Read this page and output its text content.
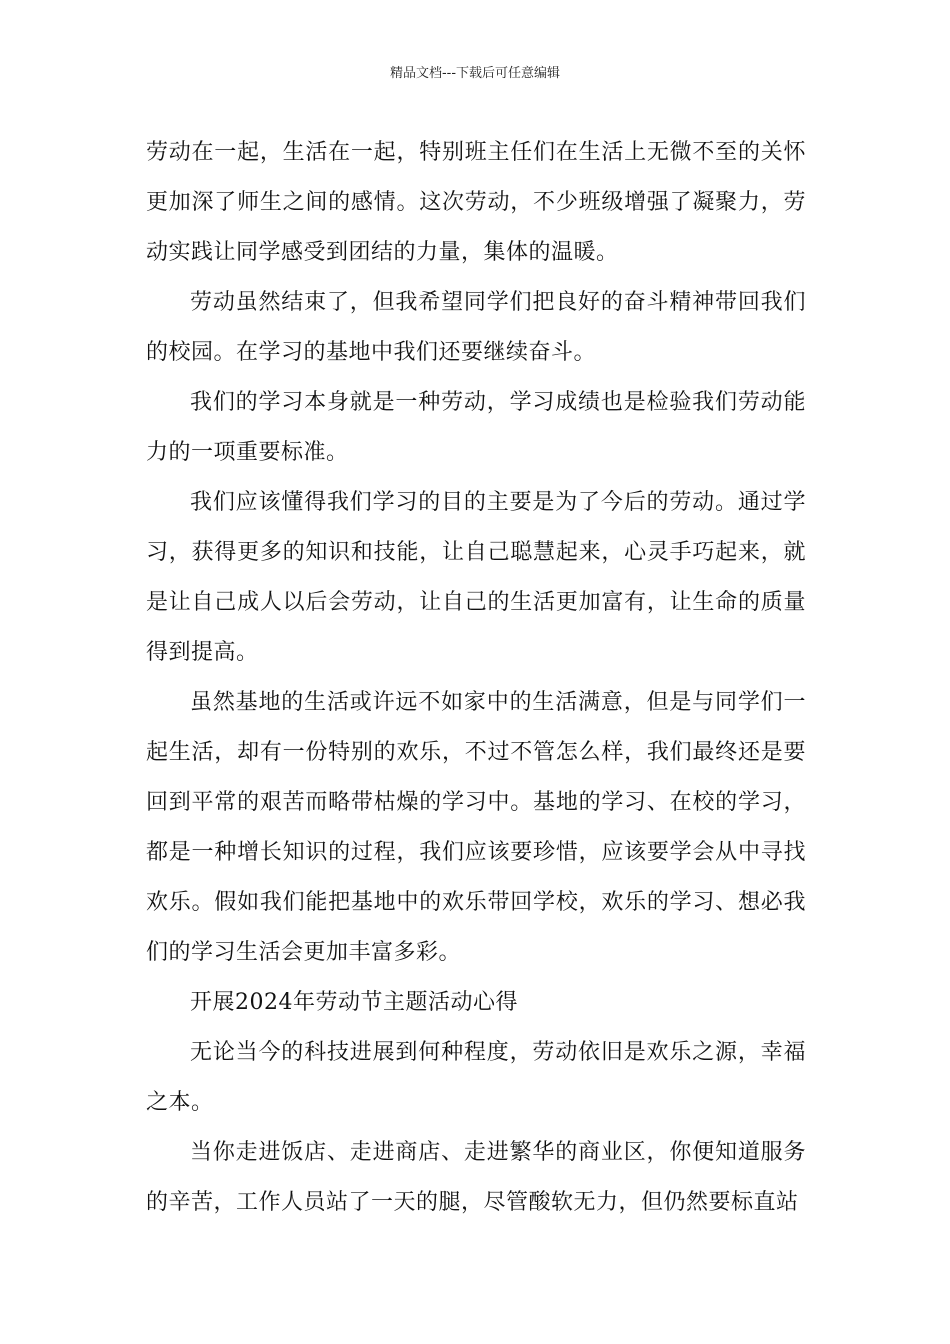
精品文档---下载后可任意编辑

劳动在一起，生活在一起，特别班主任们在生活上无微不至的关怀更加深了师生之间的感情。这次劳动，不少班级增强了凝聚力，劳动实践让同学感受到团结的力量，集体的温暖。

劳动虽然结束了，但我希望同学们把良好的奋斗精神带回我们的校园。在学习的基地中我们还要继续奋斗。

我们的学习本身就是一种劳动，学习成绩也是检验我们劳动能力的一项重要标准。

我们应该懂得我们学习的目的主要是为了今后的劳动。通过学习，获得更多的知识和技能，让自己聪慧起来，心灵手巧起来，就是让自己成人以后会劳动，让自己的生活更加富有，让生命的质量得到提高。

虽然基地的生活或许远不如家中的生活满意，但是与同学们一起生活，却有一份特别的欢乐，不过不管怎么样，我们最终还是要回到平常的艰苦而略带枯燥的学习中。基地的学习、在校的学习，都是一种增长知识的过程，我们应该要珍惜，应该要学会从中寻找欢乐。假如我们能把基地中的欢乐带回学校，欢乐的学习、想必我们的学习生活会更加丰富多彩。

开展2024年劳动节主题活动心得

无论当今的科技进展到何种程度，劳动依旧是欢乐之源，幸福之本。

当你走进饭店、走进商店、走进繁华的商业区，你便知道服务的辛苦，工作人员站了一天的腿，尽管酸软无力，但仍然要标直站
